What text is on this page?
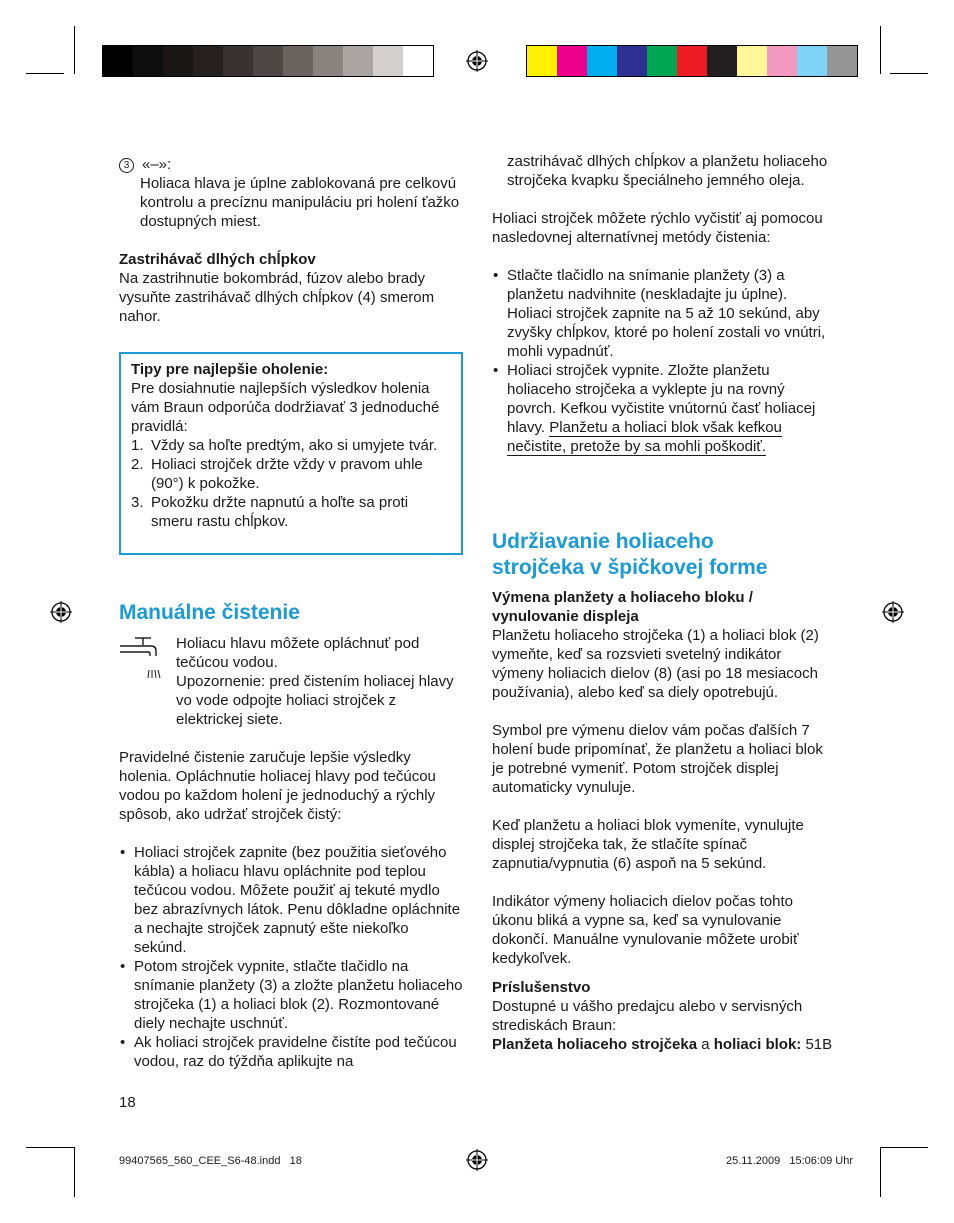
3 «–»:

Holiaca hlava je úplne zablokovaná pre celkovú kontrolu a precíznu manipuláciu pri holení ťažko dostupných miest.

Zastrihávač dlhých chĺpkov

Na zastrihnutie bokombrád, fúzov alebo brady vysuňte zastrihávač dlhých chĺpkov (4) smerom nahor.

Tipy pre najlepšie oholenie:

Pre dosiahnutie najlepších výsledkov holenia vám Braun odporúča dodržiavať 3 jednoduché pravidlá:

1. Vždy sa hoľte predtým, ako si umyjete tvár.
2. Holiaci strojček držte vždy v pravom uhle (90°) k pokožke.
3. Pokožku držte napnutú a hoľte sa proti smeru rastu chĺpkov.
Manuálne čistenie

Holiacu hlavu môžete opláchnuť pod tečúcou vodou.

Upozornenie: pred čistením holiacej hlavy vo vode odpojte holiaci strojček z elektrickej siete.

Pravidelné čistenie zaručuje lepšie výsledky holenia. Opláchnutie holiacej hlavy pod tečúcou vodou po každom holení je jednoduchý a rýchly spôsob, ako udržať strojček čistý:

• Holiaci strojček zapnite (bez použitia sieťového kábla) a holiacu hlavu opláchnite pod teplou tečúcou vodou. Môžete použiť aj tekuté mydlo bez abrazívnych látok. Penu dôkladne opláchnite a nechajte strojček zapnutý ešte niekoľko sekúnd.
• Potom strojček vypnite, stlačte tlačidlo na snímanie planžety (3) a zložte planžetu holiaceho strojčeka (1) a holiaci blok (2). Rozmontované diely nechajte uschnúť.
• Ak holiaci strojček pravidelne čistíte pod tečúcou vodou, raz do týždňa aplikujte na
18

zastrihávač dlhých chĺpkov a planžetu holiaceho strojčeka kvapku špeciálneho jemného oleja.

Holiaci strojček môžete rýchlo vyčistiť aj pomocou nasledovnej alternatívnej metódy čistenia:

• Stlačte tlačidlo na snímanie planžety (3) a planžetu nadvihnite (neskladajte ju úplne). Holiaci strojček zapnite na 5 až 10 sekúnd, aby zvyšky chĺpkov, ktoré po holení zostali vo vnútri, mohli vypadnúť.
• Holiaci strojček vypnite. Zložte planžetu holiaceho strojčeka a vyklepte ju na rovný povrch. Kefkou vyčistite vnútornú časť holiacej hlavy. Planžetu a holiaci blok však kefkou nečistite, pretože by sa mohli poškodiť.
Udržiavanie holiaceho strojčeka v špičkovej forme

Výmena planžety a holiaceho bloku / vynulovanie displeja

Planžetu holiaceho strojčeka (1) a holiaci blok (2) vymeňte, keď sa rozsvieti svetelný indikátor výmeny holiacich dielov (8) (asi po 18 mesiacoch používania), alebo keď sa diely opotrebujú.

Symbol pre výmenu dielov vám počas ďalších 7 holení bude pripomínať, že planžetu a holiaci blok je potrebné vymeniť. Potom strojček displej automaticky vynuluje.

Keď planžetu a holiaci blok vymeníte, vynulujte displej strojčeka tak, že stlačíte spínač zapnutia/vypnutia (6) aspoň na 5 sekúnd.

Indikátor výmeny holiacich dielov počas tohto úkonu bliká a vypne sa, keď sa vynulovanie dokončí. Manuálne vynulovanie môžete urobiť kedykoľvek.

Príslušenstvo

Dostupné u vášho predajcu alebo v servisných strediskách Braun:

Planžeta holiaceho strojčeka a holiaci blok: 51B

99407565_560_CEE_S6-48.indd   18	25.11.2009   15:06:09 Uhr
